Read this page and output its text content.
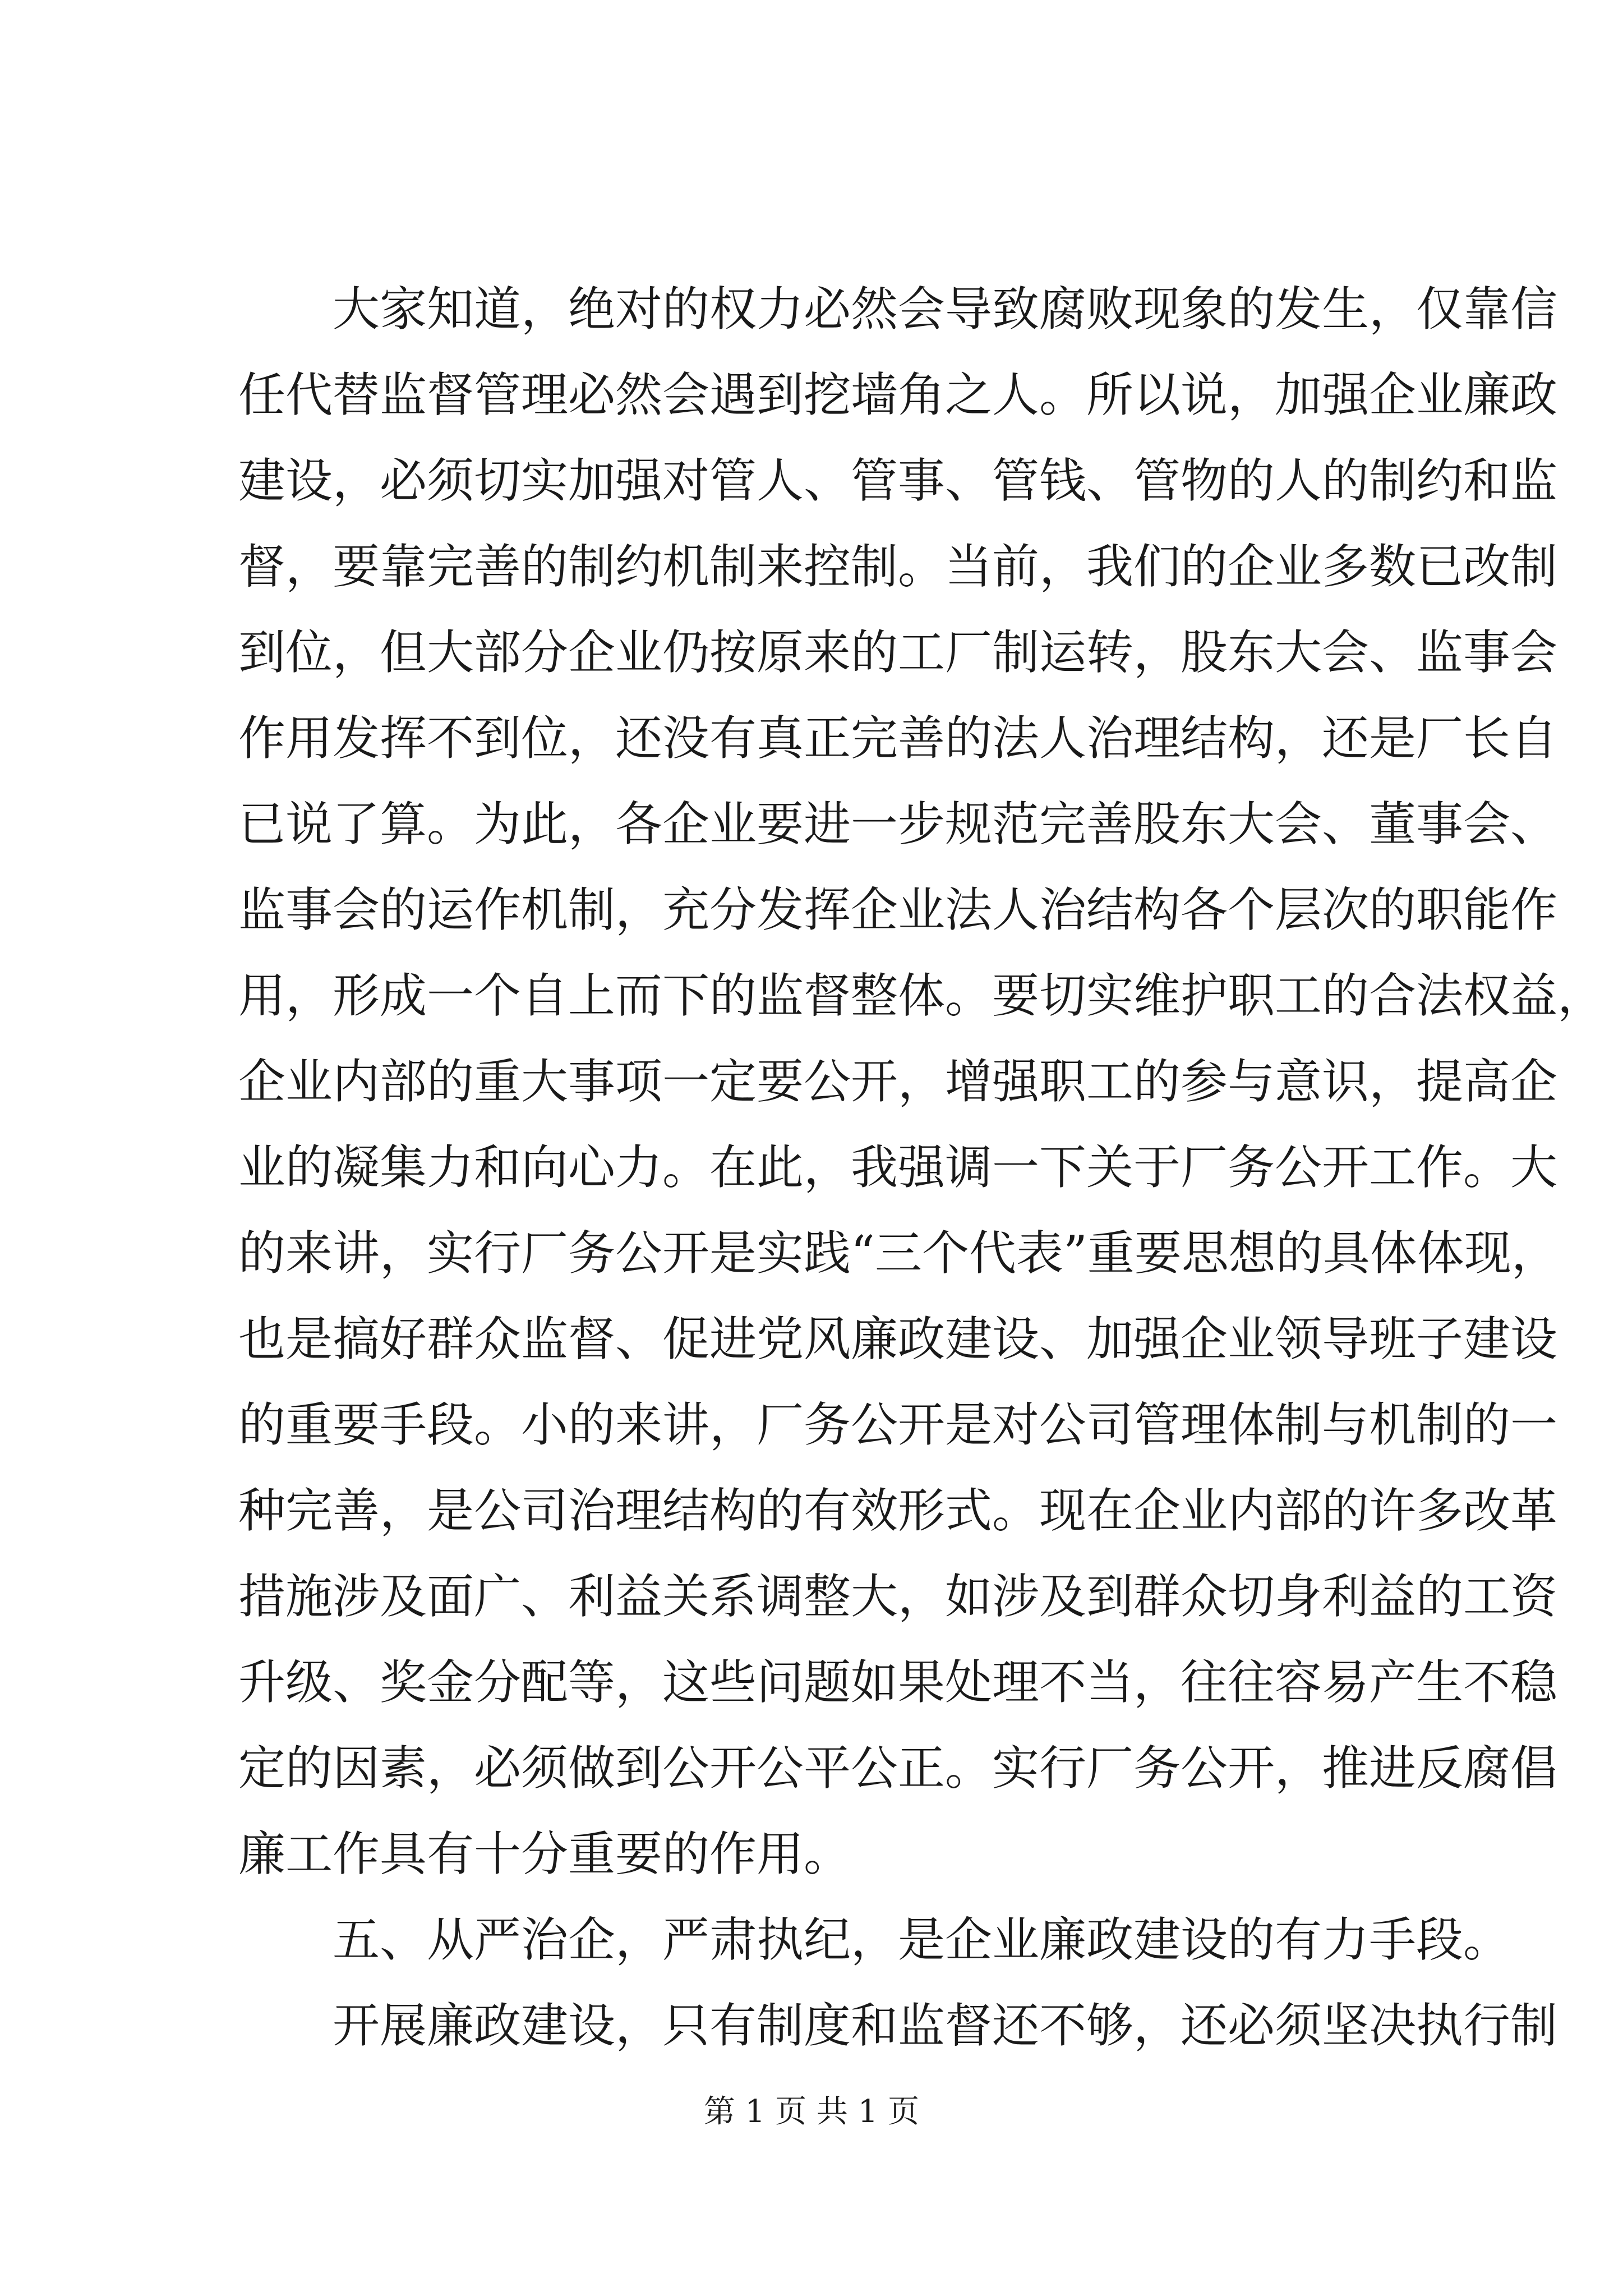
大家知道，绝对的权力必然会导致腐败现象的发生，仅靠信
任代替监督管理必然会遇到挖墙角之人。所以说，加强企业廉政
建设，必须切实加强对管人、管事、管钱、管物的人的制约和监
督，要靠完善的制约机制来控制。当前，我们的企业多数已改制
到位，但大部分企业仍按原来的工厂制运转，股东大会、监事会
作用发挥不到位，还没有真正完善的法人治理结构，还是厂长自
已说了算。为此，各企业要进一步规范完善股东大会、董事会、
监事会的运作机制，充分发挥企业法人治结构各个层次的职能作
用，形成一个自上而下的监督整体。要切实维护职工的合法权益，
企业内部的重大事项一定要公开，增强职工的参与意识，提高企
业的凝集力和向心力。在此，我强调一下关于厂务公开工作。大
的来讲，实行厂务公开是实践“三个代表”重要思想的具体体现，
也是搞好群众监督、促进党风廉政建设、加强企业领导班子建设
的重要手段。小的来讲，厂务公开是对公司管理体制与机制的一
种完善，是公司治理结构的有效形式。现在企业内部的许多改革
措施涉及面广、利益关系调整大，如涉及到群众切身利益的工资
升级、奖金分配等，这些问题如果处理不当，往往容易产生不稳
定的因素，必须做到公开公平公正。实行厂务公开，推进反腐倡
廉工作具有十分重要的作用。
五、从严治企，严肃执纪，是企业廉政建设的有力手段。
开展廉政建设，只有制度和监督还不够，还必须坚决执行制
第 1 页 共 1 页
